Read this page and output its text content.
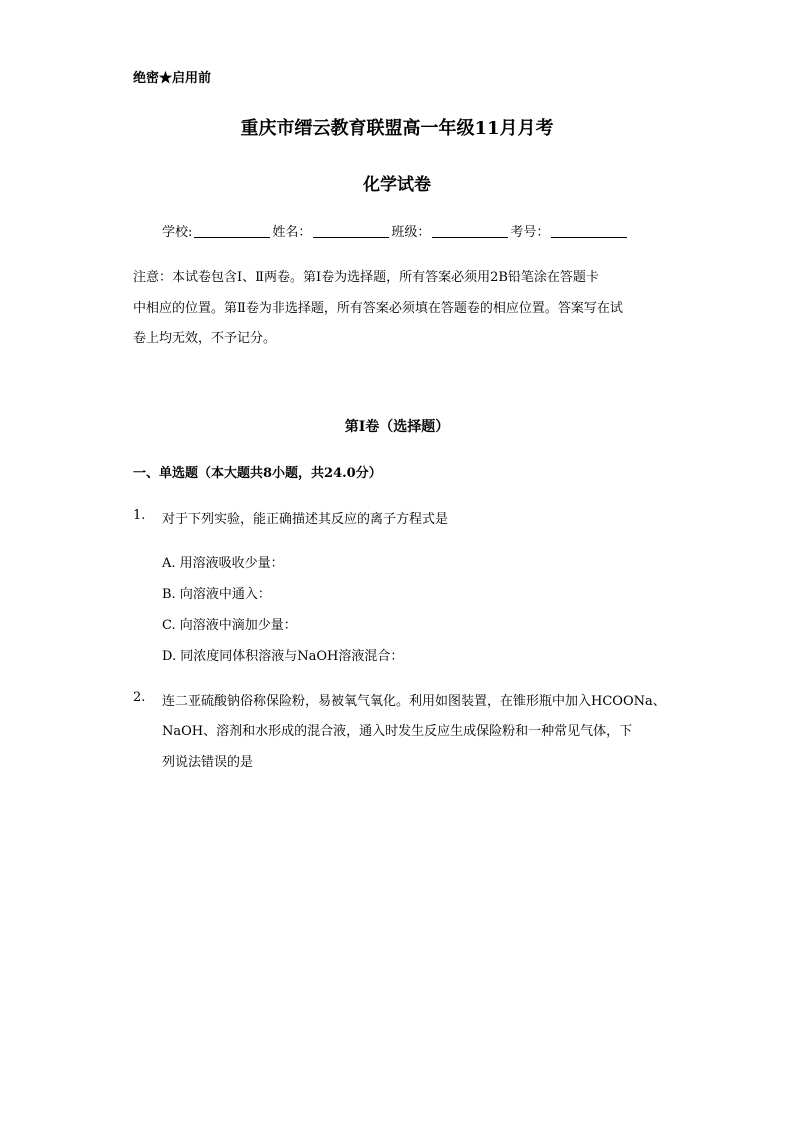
绝密★启用前
重庆市缙云教育联盟高一年级11月月考
化学试卷
学校:	姓名：	班级：	考号：
注意：本试卷包含Ⅰ、Ⅱ两卷。第Ⅰ卷为选择题，所有答案必须用2B铅笔涂在答题卡
中相应的位置。第Ⅱ卷为非选择题，所有答案必须填在答题卷的相应位置。答案写在试
卷上均无效，不予记分。
第Ⅰ卷（选择题）
一、单选题（本大题共8小题，共24.0分）
1. 对于下列实验，能正确描述其反应的离子方程式是
A. 用溶液吸收少量：
B. 向溶液中通入：
C. 向溶液中滴加少量：
D. 同浓度同体积溶液与NaOH溶液混合：
2. 连二亚硫酸钠俗称保险粉，易被氧气氧化。利用如图装置，在锥形瓶中加入HCOONa、
NaOH、溶剂和水形成的混合液，通入时发生反应生成保险粉和一种常见气体，下
列说法错误的是
